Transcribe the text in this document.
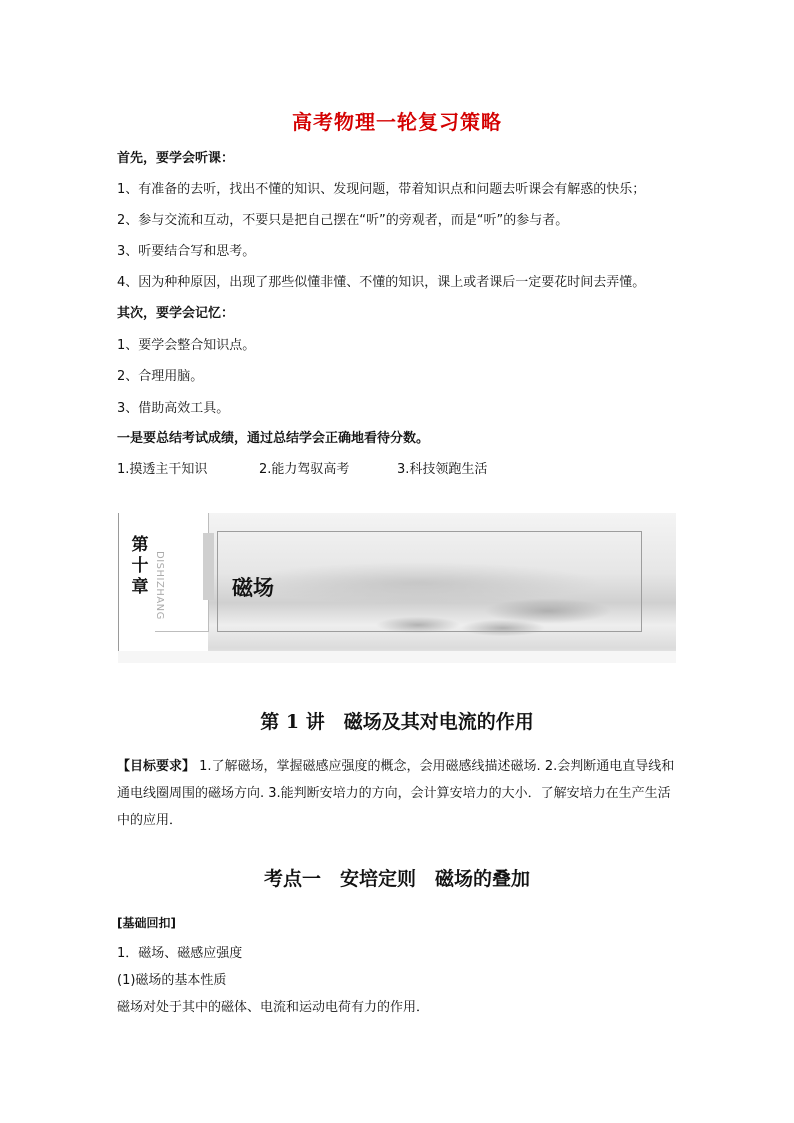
高考物理一轮复习策略
首先，要学会听课：
1、有准备的去听，找出不懂的知识、发现问题，带着知识点和问题去听课会有解惑的快乐；
2、参与交流和互动，不要只是把自己摆在“听”的旁观者，而是“听”的参与者。
3、听要结合写和思考。
4、因为种种原因，出现了那些似懂非懂、不懂的知识，课上或者课后一定要花时间去弄懂。
其次，要学会记忆：
1、要学会整合知识点。
2、合理用脑。
3、借助高效工具。
一是要总结考试成绩，通过总结学会正确地看待分数。
1.摸透主干知识	2.能力驾驭高考	3.科技领跑生活
第
十
章 DISHIZHANG	磁场
第 1 讲　磁场及其对电流的作用
【目标要求】 1.了解磁场，掌握磁感应强度的概念，会用磁感线描述磁场. 2.会判断通电直导线和通电线圈周围的磁场方向. 3.能判断安培力的方向，会计算安培力的大小．了解安培力在生产生活中的应用．
考点一　安培定则　磁场的叠加
[基础回扣]
1．磁场、磁感应强度
(1)磁场的基本性质
磁场对处于其中的磁体、电流和运动电荷有力的作用．
